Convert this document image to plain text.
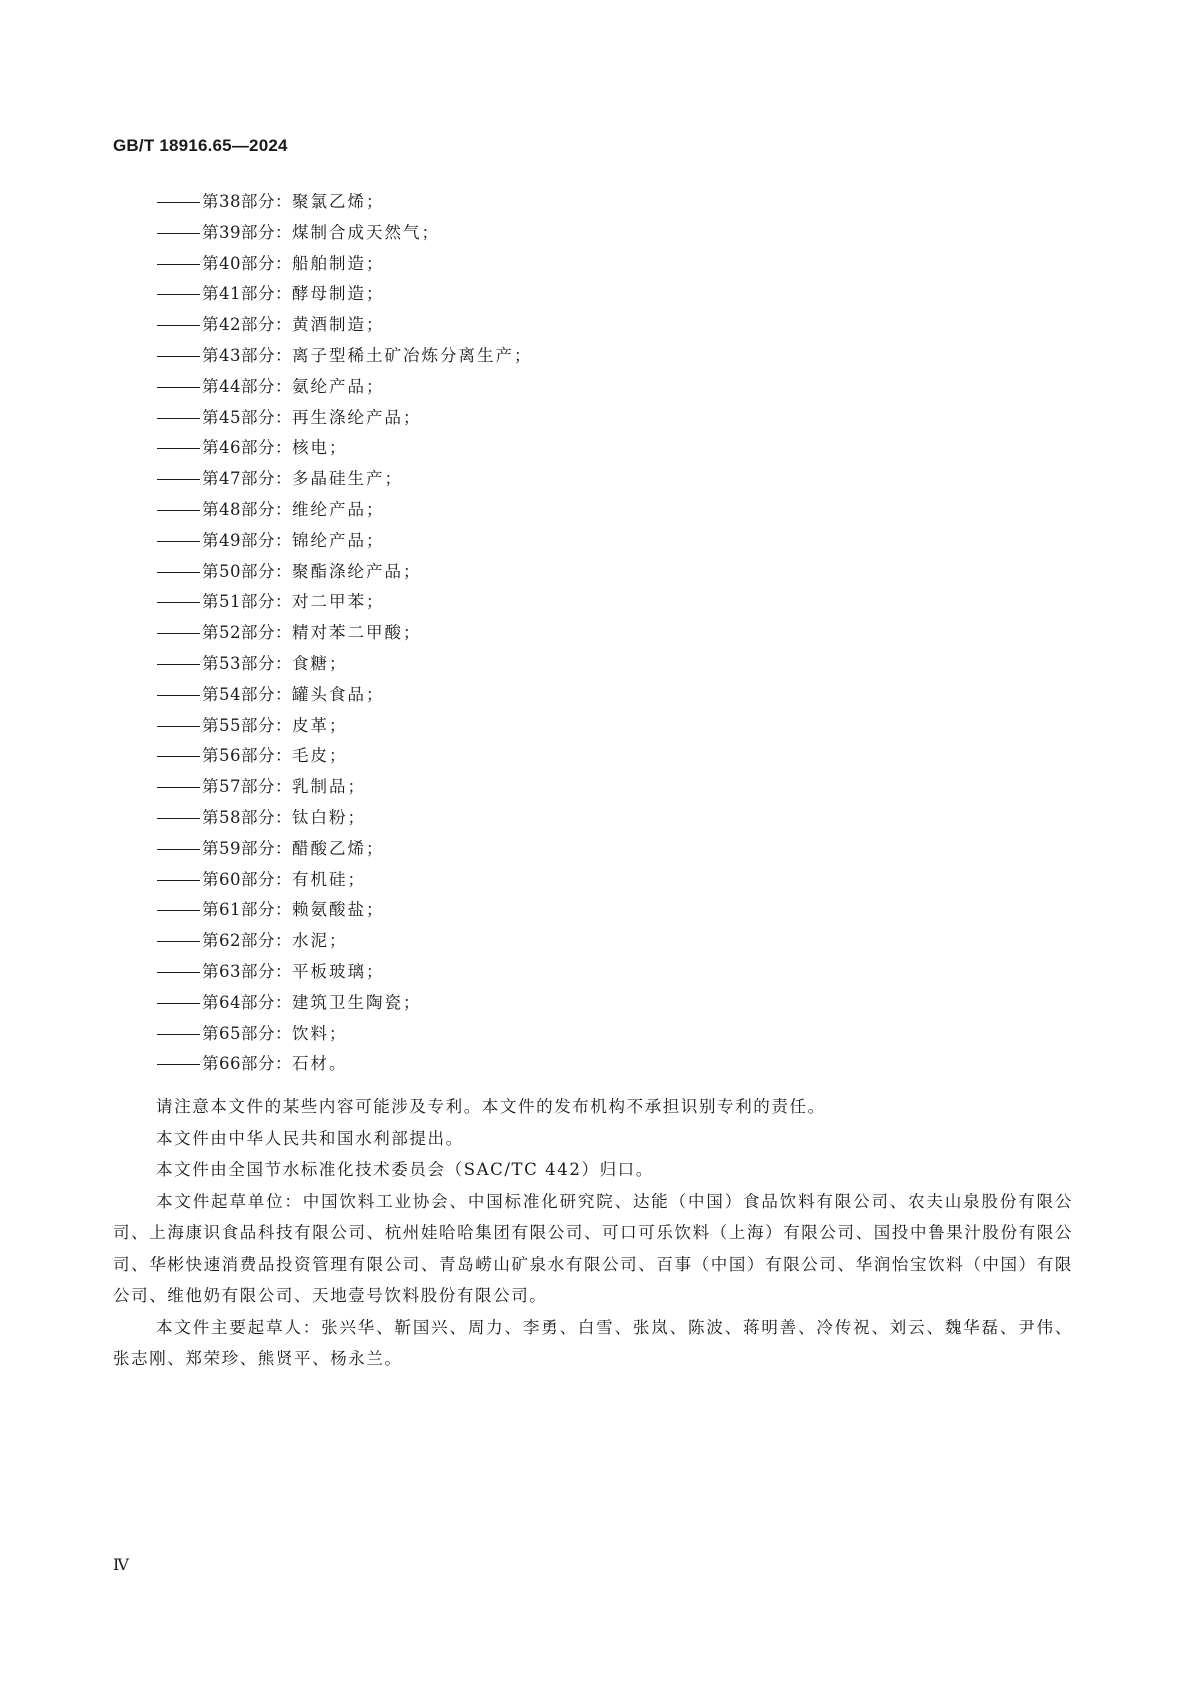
GB/T 18916.65—2024
第38部分： 聚氯乙烯；
第39部分： 煤制合成天然气；
第40部分： 船舶制造；
第41部分： 酵母制造；
第42部分： 黄酒制造；
第43部分： 离子型稀土矿冶炼分离生产；
第44部分： 氨纶产品；
第45部分： 再生涤纶产品；
第46部分： 核电；
第47部分： 多晶硅生产；
第48部分： 维纶产品；
第49部分： 锦纶产品；
第50部分： 聚酯涤纶产品；
第51部分： 对二甲苯；
第52部分： 精对苯二甲酸；
第53部分： 食糖；
第54部分： 罐头食品；
第55部分： 皮革；
第56部分： 毛皮；
第57部分： 乳制品；
第58部分： 钛白粉；
第59部分： 醋酸乙烯；
第60部分： 有机硅；
第61部分： 赖氨酸盐；
第62部分： 水泥；
第63部分： 平板玻璃；
第64部分： 建筑卫生陶瓷；
第65部分： 饮料；
第66部分： 石材。

请注意本文件的某些内容可能涉及专利。本文件的发布机构不承担识别专利的责任。

本文件由中华人民共和国水利部提出。

本文件由全国节水标准化技术委员会（SAC/TC 442）归口。

本文件起草单位：中国饮料工业协会、中国标准化研究院、达能（中国）食品饮料有限公司、农夫山泉股份有限公司、上海康识食品科技有限公司、杭州娃哈哈集团有限公司、可口可乐饮料（上海）有限公司、国投中鲁果汁股份有限公司、华彬快速消费品投资管理有限公司、青岛崂山矿泉水有限公司、百事（中国）有限公司、华润怡宝饮料（中国）有限公司、维他奶有限公司、天地壹号饮料股份有限公司。

本文件主要起草人：张兴华、靳国兴、周力、李勇、白雪、张岚、陈波、蒋明善、冷传祝、刘云、魏华磊、尹伟、张志刚、郑荣珍、熊贤平、杨永兰。

Ⅳ
